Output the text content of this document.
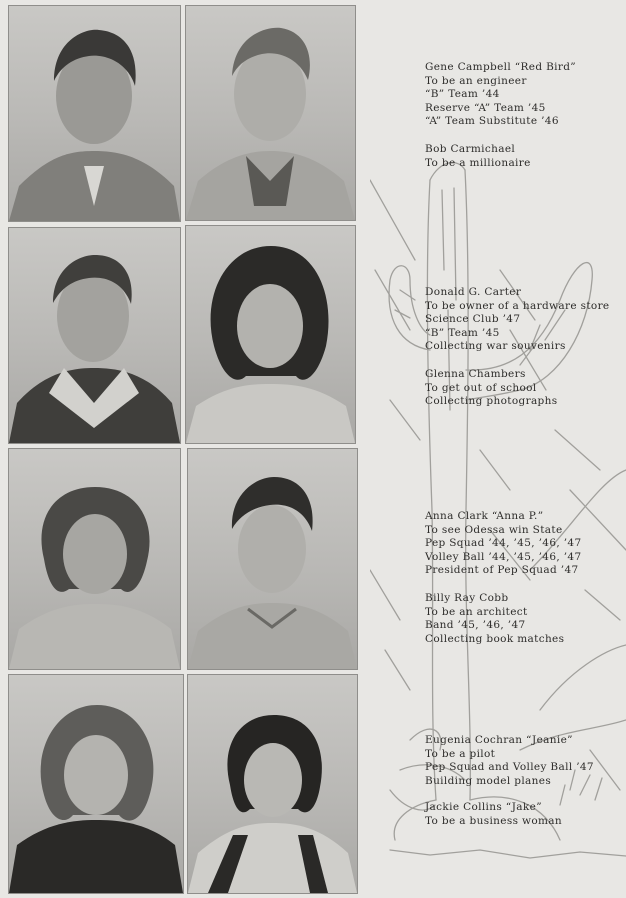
Gene Campbell “Red Bird”
To be an engineer
“B” Team ’44
Reserve “A” Team ’45
“A” Team Substitute ’46
Bob Carmichael
To be a millionaire
Donald G. Carter
To be owner of a hardware store
Science Club ’47
“B” Team ’45
Collecting war souvenirs
Glenna Chambers
To get out of school
Collecting photographs
Anna Clark “Anna P.”
To see Odessa win State
Pep Squad ’44, ’45, ’46, ’47
Volley Ball ’44, ’45, ’46, ’47
President of Pep Squad ’47
Billy Ray Cobb
To be an architect
Band ’45, ’46, ’47
Collecting book matches
Eugenia Cochran “Jeanie”
To be a pilot
Pep Squad and Volley Ball ’47
Building model planes
Jackie Collins “Jake”
To be a business woman
